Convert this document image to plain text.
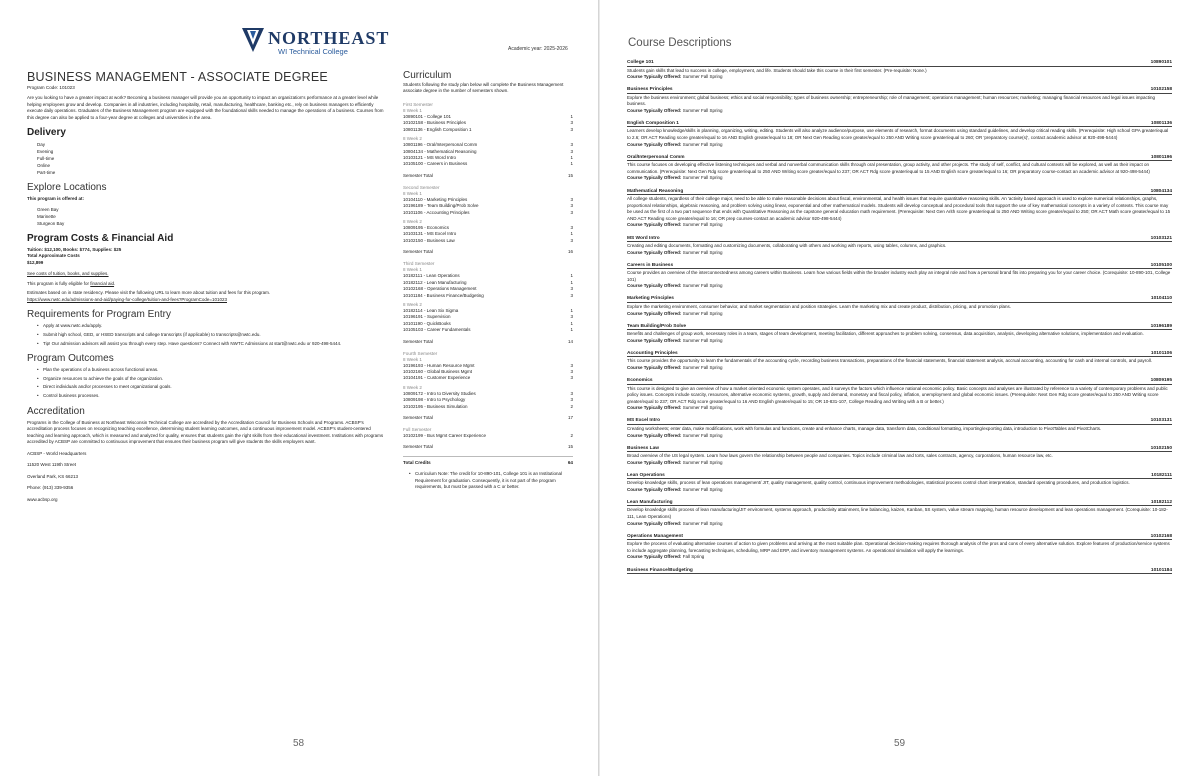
NORTHEAST
WI Technical College	Academic year: 2025-2026
BUSINESS MANAGEMENT - ASSOCIATE DEGREE
Program Code: 101023

Are you looking to have a greater impact at work? Becoming a business manager will provide you an opportunity to impact an organization's performance at a greater level while helping employees grow and develop. Companies in all industries, including hospitality, retail, manufacturing, healthcare, banking etc., rely on business managers to efficiently execute daily operations. Graduates of the Business Management program are equipped with the foundational skills needed to manage the operations of a business. Courses from this degree can also be applied to a four-year degree at colleges and universities in the area.

Delivery
Day
Evening
Full-time
Online
Part-time
Explore Locations

This program is offered at:

Green Bay
Marinette
Sturgeon Bay
Program Costs & Financial Aid

Tuition: $12,100, Books: $774, Supplies: $25

Total Approximate Costs

$12,899

See costs of tuition, books, and supplies.

This program is fully eligible for financial aid.

Estimates based on in state residency. Please visit the following URL to learn more about tuition and fees for this program.

https://www.nwtc.edu/admissions-and-aid/paying-for-college/tuition-and-fees?ProgramCode=101023

Requirements for Program Entry
• Apply at www.nwtc.edu/apply.
• Submit high school, GED, or HSED transcripts and college transcripts (if applicable) to transcripts@nwtc.edu.
• Tip! Our admission advisors will assist you through every step. Have questions? Connect with NWTC Admissions at start@nwtc.edu or 920-498-5444.
Program Outcomes
• Plan the operations of a business across functional areas.
• Organize resources to achieve the goals of the organization.
• Direct individuals and/or processes to meet organizational goals.
• Control business processes.
Accreditation

Programs in the College of Business at Northeast Wisconsin Technical College are accredited by the Accreditation Council for Business Schools and Programs. ACBSP's accreditation process focuses on recognizing teaching excellence, determining student learning outcomes, and a continuous improvement model. ACBSP's student-centered teaching and learning approach, which is measured and analyzed for quality, ensures that students gain the right skills from their educational investment. Institutions with programs accredited by ACBSP are committed to continuous improvement that ensures their business program will give students the skills employers want.

ACBSP - World Headquarters

11520 West 119th Street

Overland Park, KS 66213

Phone: (913) 339-9356

www.acbsp.org

Curriculum

Students following the study plan below will complete the Business Management associate degree in the number of semesters shown.

First Semester
8 Week 1
10890101 - College 101	1
10102158 - Business Principles	3
10801136 - English Composition 1	3
8 Week 2
10801196 - Oral/Interpersonal Comm	3
10804134 - Mathematical Reasoning	3
10103121 - MS Word Intro	1
10105100 - Careers in Business	1
Semester Total	15
Second Semester
8 Week 1
10104110 - Marketing Principles	3
10196189 - Team Building/Prob Solve	3
10101106 - Accounting Principles	3
8 Week 2
10809195 - Economics	3
10103131 - MS Excel Intro	1
10102150 - Business Law	3
Semester Total	16
Third Semester
8 Week 1
10182111 - Lean Operations	1
10182112 - Lean Manufacturing	1
10102168 - Operations Management	3
10101184 - Business Finance/Budgeting	3
8 Week 2
10182114 - Lean Six Sigma	1
10196191 - Supervision	3
10101190 - QuickBooks	1
10105103 - Career Fundamentals	1
Semester Total	14
Fourth Semester
8 Week 1
10196193 - Human Resource Mgmt	3
10102160 - Global Business Mgmt	3
10104191 - Customer Experience	3
8 Week 2
10809172 - Intro to Diversity Studies	3
10809198 - Intro to Psychology	3
10102195 - Business Simulation	2
Semester Total	17
Full Semester
10102199 - Bus Mgmt Career Experience	2
Semester Total	15
Total Credits	64

• Curriculum Note: The credit for 10-890-101, College 101 is an Institutional Requirement for graduation. Consequently, it is not part of the program requirements, but must be passed with a C or better.

58
Course Descriptions
College 101	10890101

Students gain skills that lead to success in college, employment, and life. Students should take this course in their first semester. (Pre-requisite: None.)

Course Typically Offered: Summer Fall Spring

Business Principles	10102158

Explore the business environment; global business; ethics and social responsibility; types of business ownership; entrepreneurship; role of management; operations management; human resources; marketing; managing financial resources and legal issues impacting business.

Course Typically Offered: Summer Fall Spring

English Composition 1	10801136

Learners develop knowledge/skills in planning, organizing, writing, editing. Students will also analyze audience/purpose, use elements of research, format documents using standard guidelines, and develop critical reading skills. (Prerequisite: High school GPA greater/equal to 2.6; OR ACT Reading score greater/equal to 16 AND English greater/equal to 18; OR Next Gen Reading score greater/equal to 250 AND Writing score greater/equal to 260; OR 'preparatory course(s)', contact academic advisor at 920-498-5444)

Course Typically Offered: Summer Fall Spring

Oral/Interpersonal Comm	10801196

This course focuses on developing effective listening techniques and verbal and nonverbal communication skills through oral presentation, group activity, and other projects. The study of self, conflict, and cultural contexts will be explored, as well as their impact on communication. (Prerequisite: Next Gen Rdg score greater/equal to 250 AND Writing score greater/equal to 237; OR ACT Rdg score greater/equal to 15 AND English score greater/equal to 16; OR preparatory course-contact an academic advisor at 920-498-5444)

Course Typically Offered: Summer Fall Spring

Mathematical Reasoning	10804134

All college students, regardless of their college major, need to be able to make reasonable decisions about fiscal, environmental, and health issues that require quantitative reasoning skills. An 'activity based approach is used to explore numerical relationships, graphs, proportional relationships, algebraic reasoning, and problem solving using linear, exponential and other mathematical models. Students will develop conceptual and procedural tools that support the use of key mathematical concepts in a variety of contexts. This course may be used as the first of a two part sequence that ends with Quantitative Reasoning as the capstone general education math requirement. (Prerequisite: Next Gen Arith score greater/equal to 250 AND Writing score greater/equal to 250; OR ACT Math score greater/equal to 15 AND ACT Reading score greater/equal to 16; OR prep courses-contact an academic advisor 920-498-5444)

Course Typically Offered: Summer Fall Spring

MS Word Intro	10103121

Creating and editing documents, formatting and customizing documents, collaborating with others and working with reports, using tables, columns, and graphics.

Course Typically Offered: Summer Fall Spring

Careers in Business	10105100

Course provides an overview of the interconnectedness among careers within Business. Learn how various fields within the broader industry each play an integral role and how a personal brand fits into preparing you for your career choice. (Corequisite: 10-890-101, College 101)

Course Typically Offered: Summer Fall Spring

Marketing Principles	10104110

Explore the marketing environment, consumer behavior, and market segmentation and position strategies. Learn the marketing mix and create product, distribution, pricing, and promotion plans.

Course Typically Offered: Summer Fall Spring

Team Building/Prob Solve	10196189

Benefits and challenges of group work, necessary roles in a team, stages of team development, meeting facilitation, different approaches to problem solving, consensus, data acquisition, analysis, developing alternative solutions, implementation and evaluation.

Course Typically Offered: Summer Fall Spring

Accounting Principles	10101106

This course provides the opportunity to learn the fundamentals of the accounting cycle, recording business transactions, preparations of the financial statements, financial statement analysis, accrual accounting, accounting for cash and internal controls, and payroll.

Course Typically Offered: Summer Fall Spring

Economics	10809195

This course is designed to give an overview of how a market oriented economic system operates, and it surveys the factors which influence national economic policy. Basic concepts and analyses are illustrated by reference to a variety of contemporary problems and public policy issues. Concepts include scarcity, resources, alternative economic systems, growth, supply and demand, monetary and fiscal policy, inflation, unemployment and global economic issues. (Prerequisite: Next Gen Rdg score greater/equal to 250 AND Writing score greater/equal to 237; OR ACT Rdg score greater/equal to 16 AND English greater/equal to 15; OR 10-831-107, College Reading and Writing with a B or better.)

Course Typically Offered: Summer Fall Spring

MS Excel Intro	10103131

Creating worksheets; enter data, make modifications, work with formulas and functions, create and enhance charts, manage data, transform data, conditional formatting, importing/exporting data, introduction to PivotTables and PivotCharts.

Course Typically Offered: Summer Fall Spring

Business Law	10102150

Broad overview of the US legal system. Learn how laws govern the relationship between people and companies. Topics include criminal law and torts, sales contracts, agency, corporations, human resource law, etc.

Course Typically Offered: Summer Fall Spring

Lean Operations	10182111

Develop knowledge skills, process of lean operations management/ JIT, quality management, quality control, continuous improvement methodologies, statistical process control chart interpretation, standard operating procedures, and production logistics.

Course Typically Offered: Summer Fall Spring

Lean Manufacturing	10182112

Develop knowledge skills process of lean manufacturing/JIT environment, systems approach, productivity attainment, line balancing, kaizen, Kanban, 5S system, value stream mapping, human resource development and lean operations management. (Corequisite: 10-182-111, Lean Operations)

Course Typically Offered: Summer Fall Spring

Operations Management	10102168

Explore the process of evaluating alternative courses of action to given problems and arriving at the most suitable plan. Operational decision-making requires thorough analysis of the pros and cons of every alternative solution. Explore features of production/service systems to include aggregate planning, forecasting techniques, scheduling, MRP and ERP, and inventory management systems. An operational simulation will apply the learnings.

Course Typically Offered: Fall Spring

Business Finance/Budgeting	10101184
59
